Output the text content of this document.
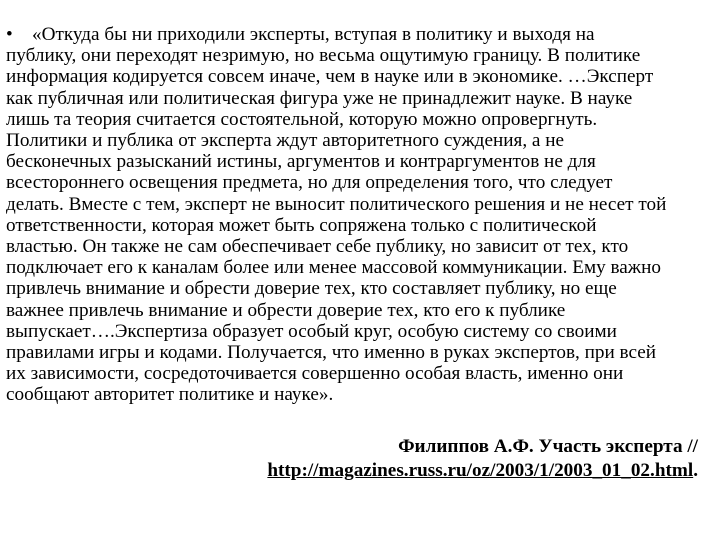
• «Откуда бы ни приходили эксперты, вступая в политику и выходя на
публику, они переходят незримую, но весьма ощутимую границу. В политике
информация кодируется совсем иначе, чем в науке или в экономике. …Эксперт
как публичная или политическая фигура уже не принадлежит науке. В науке
лишь та теория считается состоятельной, которую можно опровергнуть.
Политики и публика от эксперта ждут авторитетного суждения, а не
бесконечных разысканий истины, аргументов и контраргументов не для
всестороннего освещения предмета, но для определения того, что следует
делать. Вместе с тем, эксперт не выносит политического решения и не несет той
ответственности, которая может быть сопряжена только с политической
властью. Он также не сам обеспечивает себе публику, но зависит от тех, кто
подключает его к каналам более или менее массовой коммуникации. Ему важно
привлечь внимание и обрести доверие тех, кто составляет публику, но еще
важнее привлечь внимание и обрести доверие тех, кто его к публике
выпускает….Экспертиза образует особый круг, особую систему со своими
правилами игры и кодами. Получается, что именно в руках экспертов, при всей
их зависимости, сосредоточивается совершенно особая власть, именно они
сообщают авторитет политике и науке».
Филиппов А.Ф. Участь эксперта //
http://magazines.russ.ru/oz/2003/1/2003_01_02.html.
